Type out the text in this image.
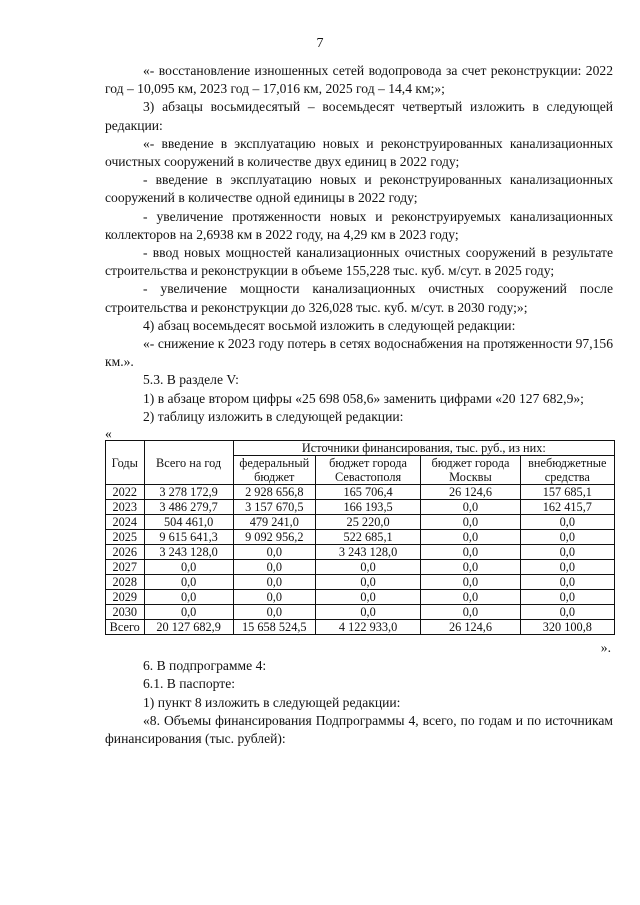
7

«- восстановление изношенных сетей водопровода за счет реконструкции: 2022 год – 10,095 км, 2023 год – 17,016 км, 2025 год – 14,4 км;»;

3) абзацы восьмидесятый – восемьдесят четвертый изложить в следующей редакции:

«- введение в эксплуатацию новых и реконструированных канализационных очистных сооружений в количестве двух единиц в 2022 году;

- введение в эксплуатацию новых и реконструированных канализационных сооружений в количестве одной единицы в 2022 году;

- увеличение протяженности новых и реконструируемых канализационных коллекторов на 2,6938 км в 2022 году, на 4,29 км в 2023 году;

- ввод новых мощностей канализационных очистных сооружений в результате строительства и реконструкции в объеме 155,228 тыс. куб. м/сут. в 2025 году;

- увеличение мощности канализационных очистных сооружений после строительства и реконструкции до 326,028 тыс. куб. м/сут. в 2030 году;»;

4) абзац восемьдесят восьмой изложить в следующей редакции:

«- снижение к 2023 году потерь в сетях водоснабжения на протяженности 97,156 км.».

5.3. В разделе V:

1) в абзаце втором цифры «25 698 058,6» заменить цифрами «20 127 682,9»;

2) таблицу изложить в следующей редакции:

«
Годы	Всего на год	Источники финансирования, тыс. руб., из них:			
		федеральный бюджет	бюджет города Севастополя	бюджет города Москвы	внебюджетные средства
2022	3 278 172,9	2 928 656,8	165 706,4	26 124,6	157 685,1
2023	3 486 279,7	3 157 670,5	166 193,5	0,0	162 415,7
2024	504 461,0	479 241,0	25 220,0	0,0	0,0
2025	9 615 641,3	9 092 956,2	522 685,1	0,0	0,0
2026	3 243 128,0	0,0	3 243 128,0	0,0	0,0
2027	0,0	0,0	0,0	0,0	0,0
2028	0,0	0,0	0,0	0,0	0,0
2029	0,0	0,0	0,0	0,0	0,0
2030	0,0	0,0	0,0	0,0	0,0
Всего	20 127 682,9	15 658 524,5	4 122 933,0	26 124,6	320 100,8

».

6. В подпрограмме 4:

6.1. В паспорте:

1) пункт 8 изложить в следующей редакции:

«8. Объемы финансирования Подпрограммы 4, всего, по годам и по источникам финансирования (тыс. рублей):
